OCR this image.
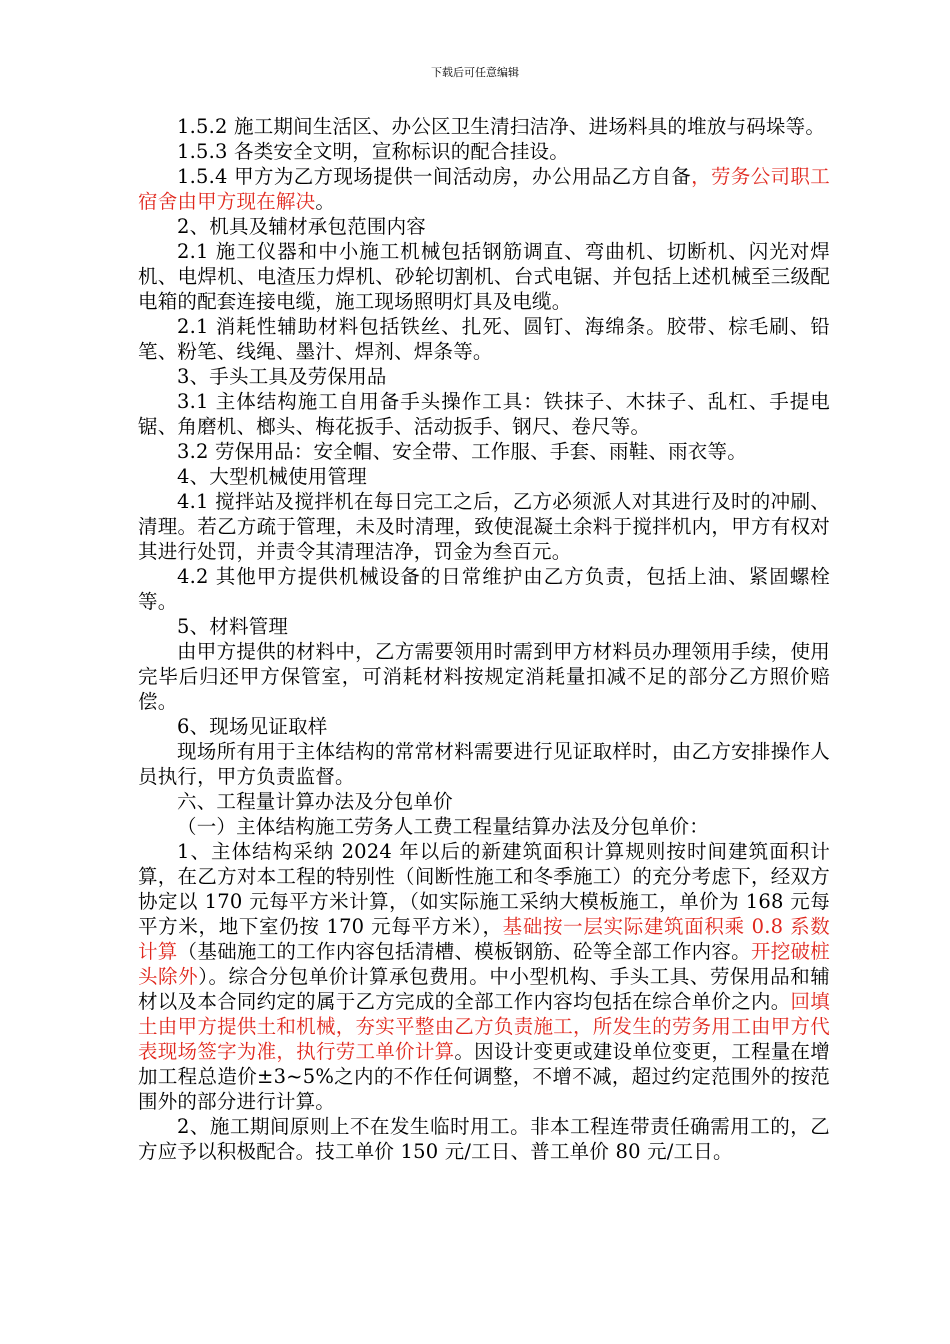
下载后可任意编辑

1.5.2 施工期间生活区、办公区卫生清扫洁净、进场料具的堆放与码垛等。

1.5.3 各类安全文明，宣称标识的配合挂设。

1.5.4 甲方为乙方现场提供一间活动房，办公用品乙方自备，劳务公司职工宿舍由甲方现在解决。

2、机具及辅材承包范围内容

2.1 施工仪器和中小施工机械包括钢筋调直、弯曲机、切断机、闪光对焊机、电焊机、电渣压力焊机、砂轮切割机、台式电锯、并包括上述机械至三级配电箱的配套连接电缆，施工现场照明灯具及电缆。

2.1 消耗性辅助材料包括铁丝、扎死、圆钉、海绵条。胶带、棕毛刷、铅笔、粉笔、线绳、墨汁、焊剂、焊条等。

3、手头工具及劳保用品

3.1 主体结构施工自用备手头操作工具：铁抹子、木抹子、乱杠、手提电锯、角磨机、榔头、梅花扳手、活动扳手、钢尺、卷尺等。

3.2 劳保用品：安全帽、安全带、工作服、手套、雨鞋、雨衣等。

4、大型机械使用管理

4.1 搅拌站及搅拌机在每日完工之后，乙方必须派人对其进行及时的冲刷、清理。若乙方疏于管理，未及时清理，致使混凝土余料于搅拌机内，甲方有权对其进行处罚，并责令其清理洁净，罚金为叁百元。

4.2 其他甲方提供机械设备的日常维护由乙方负责，包括上油、紧固螺栓等。

5、材料管理

由甲方提供的材料中，乙方需要领用时需到甲方材料员办理领用手续，使用完毕后归还甲方保管室，可消耗材料按规定消耗量扣减不足的部分乙方照价赔偿。

6、现场见证取样

现场所有用于主体结构的常常材料需要进行见证取样时，由乙方安排操作人员执行，甲方负责监督。

六、工程量计算办法及分包单价

（一）主体结构施工劳务人工费工程量结算办法及分包单价：

1、主体结构采纳 2024 年以后的新建筑面积计算规则按时间建筑面积计算，在乙方对本工程的特别性（间断性施工和冬季施工）的充分考虑下，经双方协定以 170 元每平方米计算，（如实际施工采纳大模板施工，单价为 168 元每平方米，地下室仍按 170 元每平方米），基础按一层实际建筑面积乘 0.8 系数计算（基础施工的工作内容包括清槽、模板钢筋、砼等全部工作内容。开挖破桩头除外）。综合分包单价计算承包费用。中小型机构、手头工具、劳保用品和辅材以及本合同约定的属于乙方完成的全部工作内容均包括在综合单价之内。回填土由甲方提供土和机械，夯实平整由乙方负责施工，所发生的劳务用工由甲方代表现场签字为准，执行劳工单价计算。因设计变更或建设单位变更，工程量在增加工程总造价±3~5%之内的不作任何调整，不增不减，超过约定范围外的按范围外的部分进行计算。

2、施工期间原则上不在发生临时用工。非本工程连带责任确需用工的，乙方应予以积极配合。技工单价 150 元/工日、普工单价 80 元/工日。
